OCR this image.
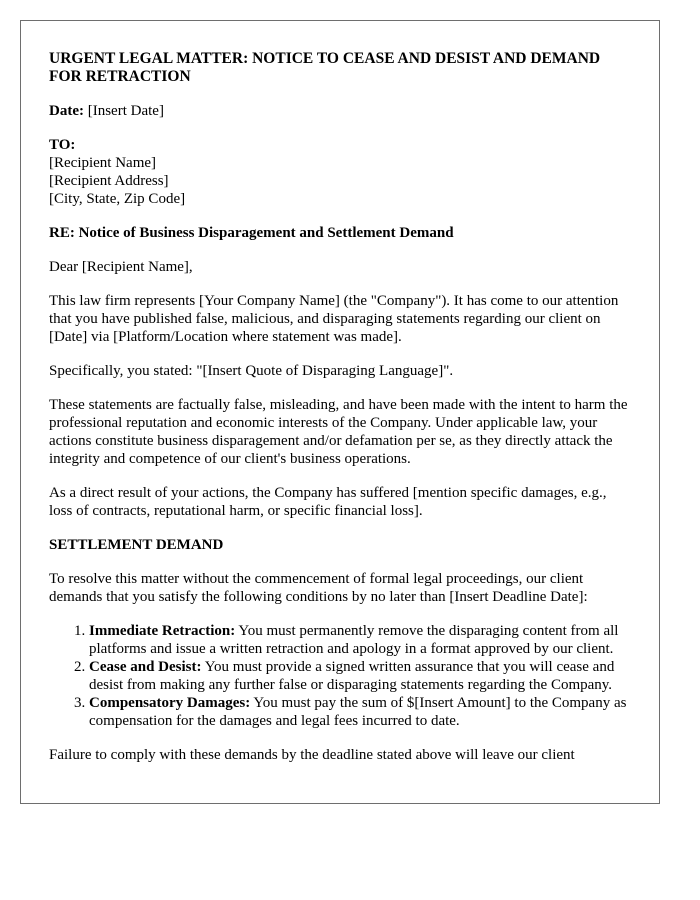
URGENT LEGAL MATTER: NOTICE TO CEASE AND DESIST AND DEMAND FOR RETRACTION

Date: [Insert Date]

TO:
[Recipient Name]
[Recipient Address]
[City, State, Zip Code]

RE: Notice of Business Disparagement and Settlement Demand

Dear [Recipient Name],

This law firm represents [Your Company Name] (the "Company"). It has come to our attention that you have published false, malicious, and disparaging statements regarding our client on [Date] via [Platform/Location where statement was made].

Specifically, you stated: "[Insert Quote of Disparaging Language]".

These statements are factually false, misleading, and have been made with the intent to harm the professional reputation and economic interests of the Company. Under applicable law, your actions constitute business disparagement and/or defamation per se, as they directly attack the integrity and competence of our client's business operations.

As a direct result of your actions, the Company has suffered [mention specific damages, e.g., loss of contracts, reputational harm, or specific financial loss].

SETTLEMENT DEMAND

To resolve this matter without the commencement of formal legal proceedings, our client demands that you satisfy the following conditions by no later than [Insert Deadline Date]:

1. Immediate Retraction: You must permanently remove the disparaging content from all platforms and issue a written retraction and apology in a format approved by our client.
2. Cease and Desist: You must provide a signed written assurance that you will cease and desist from making any further false or disparaging statements regarding the Company.
3. Compensatory Damages: You must pay the sum of $[Insert Amount] to the Company as compensation for the damages and legal fees incurred to date.

Failure to comply with these demands by the deadline stated above will leave our client
